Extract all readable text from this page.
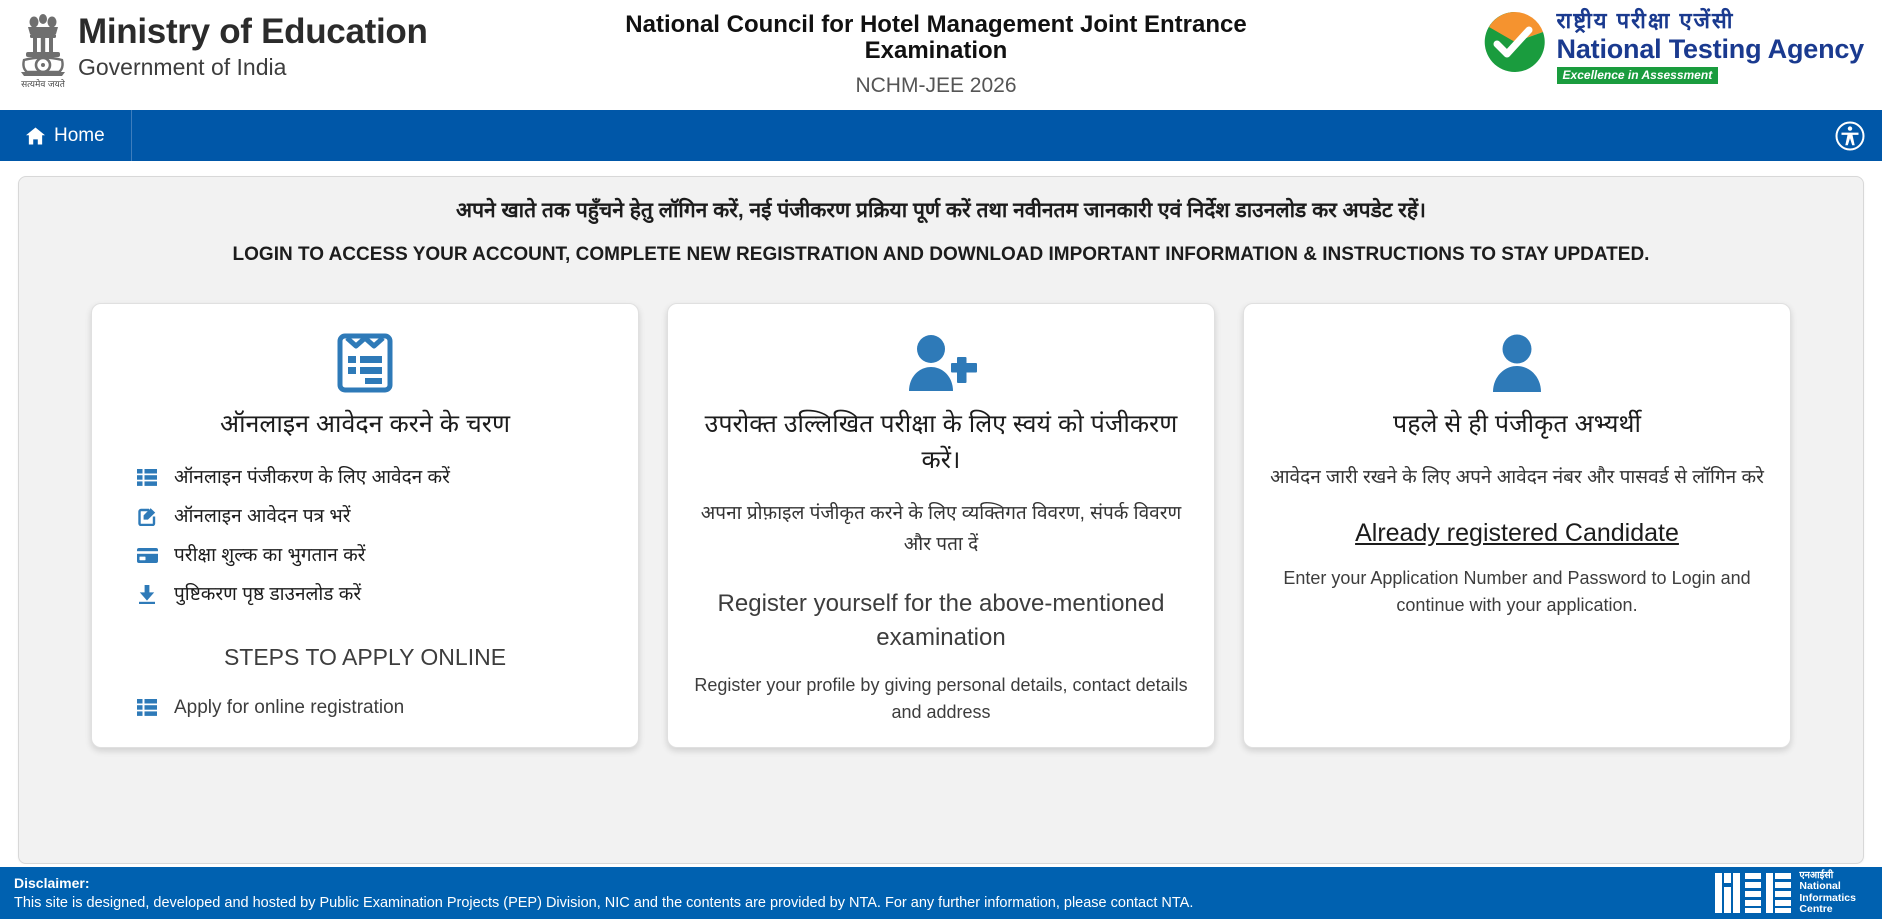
सत्यमेव जयते
Ministry of Education
Government of India
National Council for Hotel Management Joint Entrance Examination
NCHM-JEE 2026
राष्ट्रीय परीक्षा एजेंसी
National Testing Agency
Excellence in Assessment
Home
अपने खाते तक पहुँचने हेतु लॉगिन करें, नई पंजीकरण प्रक्रिया पूर्ण करें तथा नवीनतम जानकारी एवं निर्देश डाउनलोड कर अपडेट रहें।
LOGIN TO ACCESS YOUR ACCOUNT, COMPLETE NEW REGISTRATION AND DOWNLOAD IMPORTANT INFORMATION & INSTRUCTIONS TO STAY UPDATED.
ऑनलाइन आवेदन करने के चरण
ऑनलाइन पंजीकरण के लिए आवेदन करें
ऑनलाइन आवेदन पत्र भरें
परीक्षा शुल्क का भुगतान करें
पुष्टिकरण पृष्ठ डाउनलोड करें
STEPS TO APPLY ONLINE
Apply for online registration
उपरोक्त उल्लिखित परीक्षा के लिए स्वयं को पंजीकरण करें।
अपना प्रोफ़ाइल पंजीकृत करने के लिए व्यक्तिगत विवरण, संपर्क विवरण और पता दें
Register yourself for the above-mentioned examination
Register your profile by giving personal details, contact details and address
पहले से ही पंजीकृत अभ्यर्थी
आवेदन जारी रखने के लिए अपने आवेदन नंबर और पासवर्ड से लॉगिन करे
Already registered Candidate
Enter your Application Number and Password to Login and continue with your application.
Disclaimer:
This site is designed, developed and hosted by Public Examination Projects (PEP) Division, NIC and the contents are provided by NTA. For any further information, please contact NTA.
एनआईसी
National
Informatics
Centre
